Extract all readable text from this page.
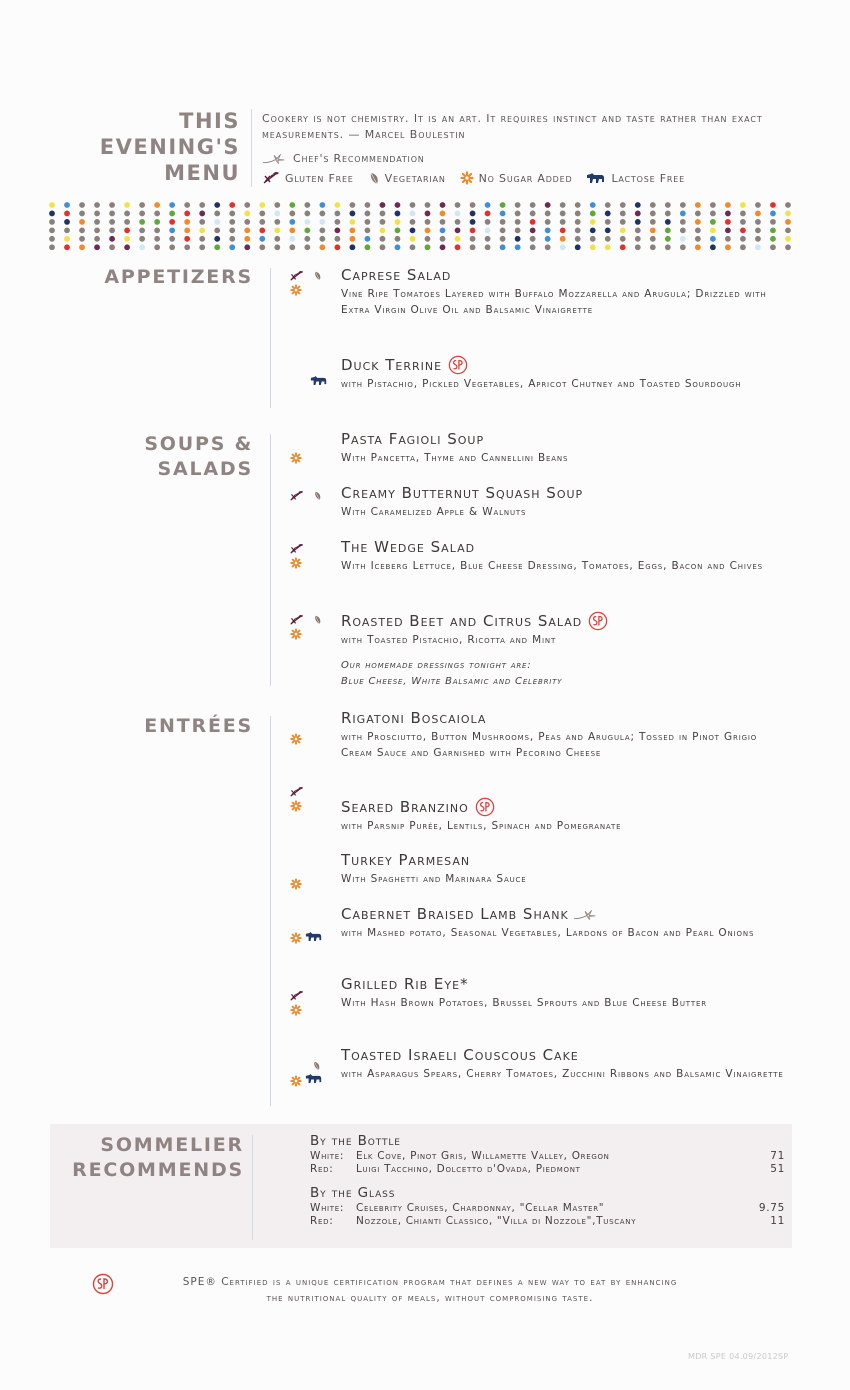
THIS
EVENING'S
MENU
Cookery is not chemistry. It is an art. It requires instinct and taste rather than exact measurements. — Marcel Boulestin
Chef's Recommendation
Gluten Free	Vegetarian	No Sugar Added	Lactose Free
APPETIZERS	Caprese Salad
Vine Ripe Tomatoes Layered with Buffalo Mozzarella and Arugula; Drizzled with Extra Virgin Olive Oil and Balsamic Vinaigrette
Duck Terrine
with Pistachio, Pickled Vegetables, Apricot Chutney and Toasted Sourdough
SOUPS &
SALADS
Pasta Fagioli Soup
With Pancetta, Thyme and Cannellini Beans
Creamy Butternut Squash Soup
With Caramelized Apple & Walnuts
The Wedge Salad
With Iceberg Lettuce, Blue Cheese Dressing, Tomatoes, Eggs, Bacon and Chives
Roasted Beet and Citrus Salad
with Toasted Pistachio, Ricotta and Mint
Our homemade dressings tonight are:
Blue Cheese, White Balsamic and Celebrity
ENTRÉES	Rigatoni Boscaiola
with Prosciutto, Button Mushrooms, Peas and Arugula; Tossed in Pinot Grigio Cream Sauce and Garnished with Pecorino Cheese
Seared Branzino
with Parsnip Purée, Lentils, Spinach and Pomegranate
Turkey Parmesan
With Spaghetti and Marinara Sauce
Cabernet Braised Lamb Shank
with Mashed potato, Seasonal Vegetables, Lardons of Bacon and Pearl Onions
Grilled Rib Eye*
With Hash Brown Potatoes, Brussel Sprouts and Blue Cheese Butter
Toasted Israeli Couscous Cake
with Asparagus Spears, Cherry Tomatoes, Zucchini Ribbons and Balsamic Vinaigrette
SOMMELIER
RECOMMENDS
By the Bottle
White:	Elk Cove, Pinot Gris, Willamette Valley, Oregon	71
Red:	Luigi Tacchino, Dolcetto d'Ovada, Piedmont	51
By the Glass
White:	Celebrity Cruises, Chardonnay, "Cellar Master"	9.75
Red:	Nozzole, Chianti Classico, "Villa di Nozzole",Tuscany	11
SPE® Certified is a unique certification program that defines a new way to eat by enhancing
the nutritional quality of meals, without compromising taste.
MDR SPE 04.09/2012SP
